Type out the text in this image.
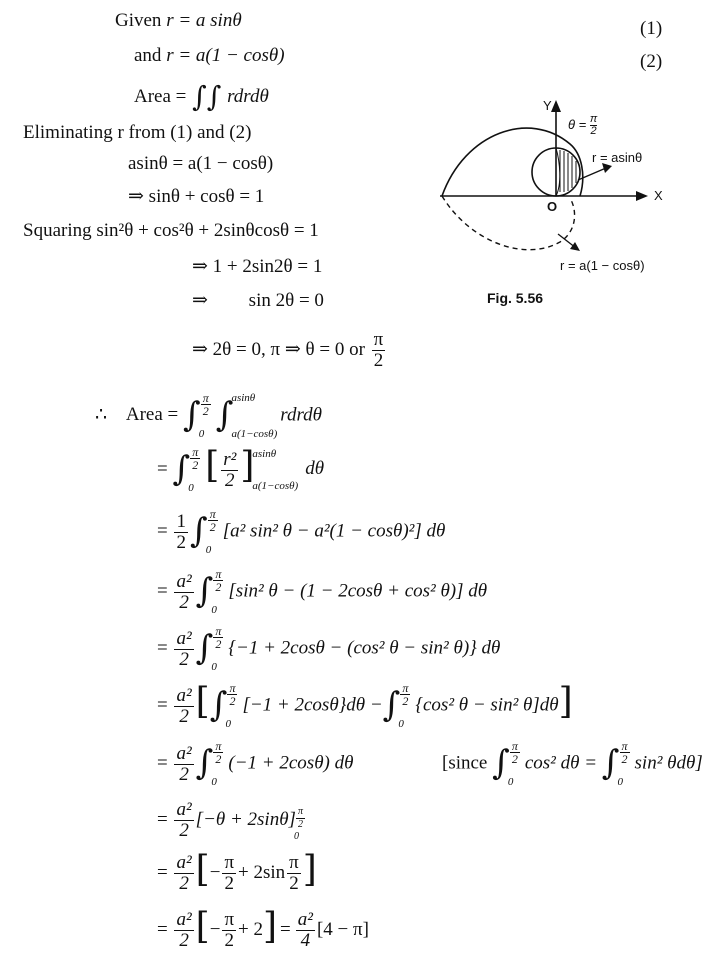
Given r = a sinθ	(1)
and r = a(1 − cosθ)	(2)
Area = ∫∫ rdrdθ
Eliminating r from (1) and (2)
asinθ = a(1 − cosθ)
⇒ sinθ + cosθ = 1
Squaring sin²θ + cos²θ + 2sinθcosθ = 1
⇒ 1 + 2sin2θ = 1
⇒ sin 2θ = 0
⇒ 2θ = 0, π ⇒ θ = 0 or $\frac{\pi}{2}$
Y
X
O
$\theta = \frac{\pi}{2}$
r = asinθ
r = a(1 − cosθ)
Fig. 5.56
∴ Area = ∫ $\frac{\pi}{2}$
0 ∫
asinθ
a(1−cosθ)
rdrdθ
= ∫ $\frac{\pi}{2}$
0
[ $\frac{\text{r²}}{2}$ ]
asinθ
a(1−cosθ)
dθ
= $\frac{1}{2}$ ∫ $\frac{\pi}{2}$
0
[a² sin² θ − a²(1 − cosθ)²] dθ
= $\frac{\text{a²}}{2}$ ∫ $\frac{\pi}{2}$
0
[sin² θ − (1 − 2cosθ + cos² θ)] dθ
= $\frac{\text{a²}}{2}$ ∫ $\frac{\pi}{2}$
0
{−1 + 2cosθ − (cos² θ − sin² θ)} dθ
= $\frac{\text{a²}}{2}$ [∫ $\frac{\pi}{2}$
0
[−1 + 2cosθ}dθ −∫ $\frac{\pi}{2}$
0
{cos² θ − sin² θ]dθ]
= $\frac{\text{a²}}{2}$ ∫ $\frac{\pi}{2}$
0
(−1 + 2cosθ) dθ	[since ∫ $\frac{\pi}{2}$
0
cos² dθ = ∫ $\frac{\pi}{2}$
0
sin² θdθ]
= $\frac{\text{a²}}{2} [-\theta + 2\sin\theta] \frac{\pi}{2}$
0
= $\frac{\text{a²}}{2}$ [− $\frac{\pi}{2} + 2\sin \frac{\pi}{2}$ ]
= $\frac{\text{a²}}{2}$ [− $\frac{\pi}{2} + 2] = \frac{\text{a²}}{4} [4 - \pi]$
